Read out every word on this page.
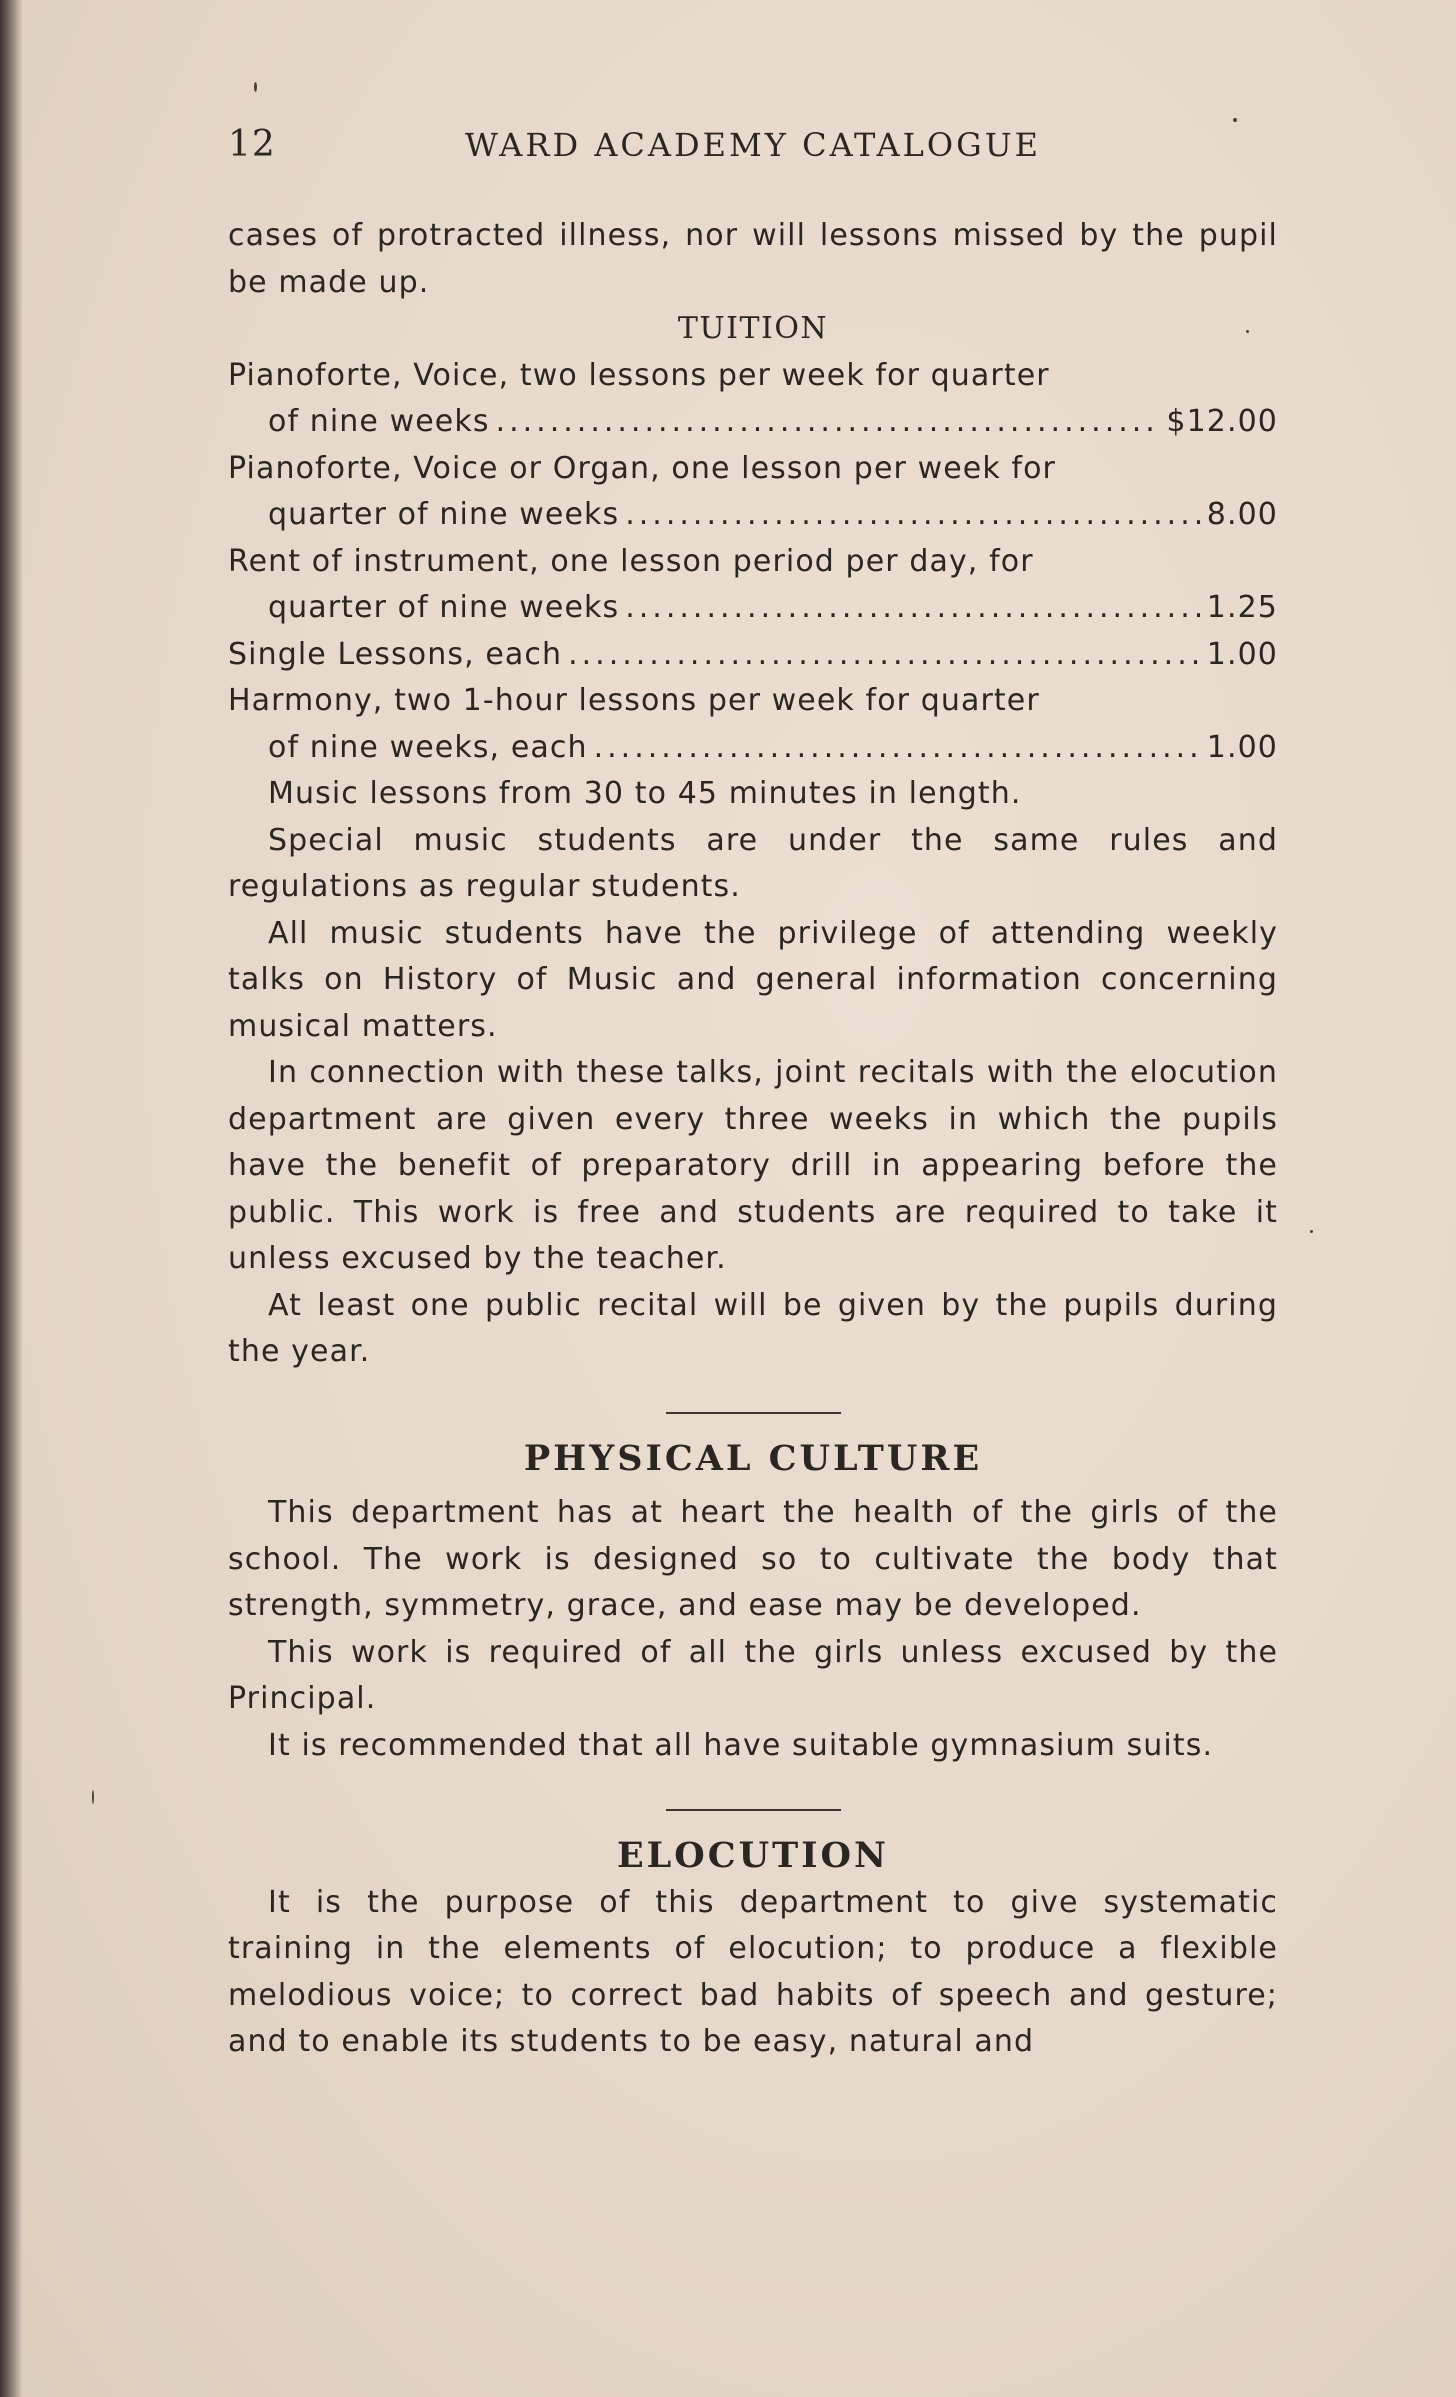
12	WARD ACADEMY CATALOGUE

cases of protracted illness, nor will lessons missed by the pupil be made up.

TUITION
Pianoforte, Voice, two lessons per week for quarter
of nine weeks .....	$12.00
Pianoforte, Voice or Organ, one lesson per week for
quarter of nine weeks .....	8.00
Rent of instrument, one lesson period per day, for
quarter of nine weeks .....	1.25
Single Lessons, each .....	1.00
Harmony, two 1-hour lessons per week for quarter
of nine weeks, each .....	1.00

Music lessons from 30 to 45 minutes in length.

Special music students are under the same rules and regulations as regular students.

All music students have the privilege of attending weekly talks on History of Music and general information concerning musical matters.

In connection with these talks, joint recitals with the elocution department are given every three weeks in which the pupils have the benefit of preparatory drill in appearing before the public. This work is free and students are required to take it unless excused by the teacher.

At least one public recital will be given by the pupils during the year.

PHYSICAL CULTURE

This department has at heart the health of the girls of the school. The work is designed so to cultivate the body that strength, symmetry, grace, and ease may be developed.

This work is required of all the girls unless excused by the Principal.

It is recommended that all have suitable gymnasium suits.

ELOCUTION

It is the purpose of this department to give systematic training in the elements of elocution; to produce a flexible melodious voice; to correct bad habits of speech and gesture; and to enable its students to be easy, natural and
